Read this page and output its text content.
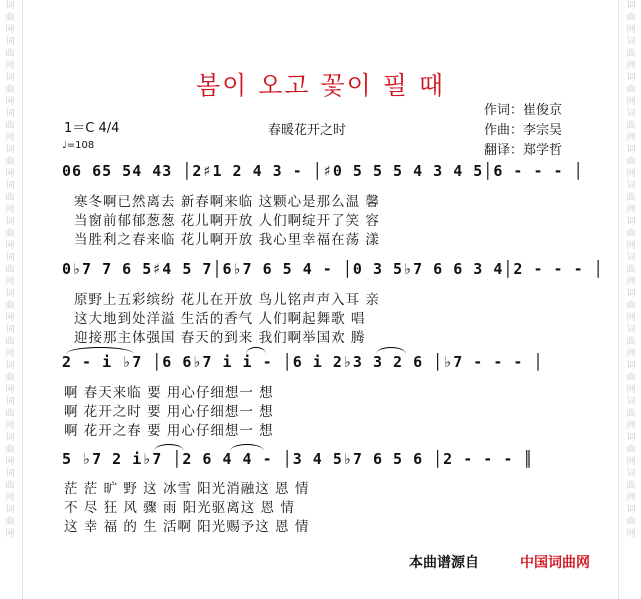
词
曲
网
词
曲
网
词
曲
网
词
曲
网
词
曲
网
词
曲
网
词
曲
网
词
曲
网
词
曲
网
词
曲
网
词
曲
网
词
曲
网
词
曲
网
词
曲
网
词
曲
网
词
曲
网
词
曲
网
词
曲
网
词
曲
网
词
曲
网
词
曲
网
词
曲
网
词
曲
网
词
曲
网
词
曲
网
词
曲
网
词
曲
网
词
曲
网
词
曲
网
词
曲
网
봄이 오고 꽃이 필 때
1＝C 4/4
♩=108
春暖花开之时
作词：崔俊京
作曲：李宗吴
翻译：郑学哲
06 65 54 43 │2♯1 2 4 3 - │♯0 5 5 5 4 3 4 5│6 - - - │
寒冬啊已然离去 新春啊来临 这颗心是那么温 馨
当窗前郁郁葱葱 花儿啊开放 人们啊绽开了笑 容
当胜利之春来临 花儿啊开放 我心里幸福在荡 漾
0♭7 7 6 5♯4 5 7│6♭7 6 5 4 - │0 3 5♭7 6 6 3 4│2 - - - │
原野上五彩缤纷 花儿在开放 鸟儿铭声声入耳 亲
这大地到处洋溢 生活的香气 人们啊起舞歌 唱
迎接那主体强国 春天的到来 我们啊举国欢 腾
2 - i ♭7 │6 6♭7 i i - │6 i 2♭3 3 2 6 │♭7 - - - │
啊 春天来临 要 用心仔细想一 想
啊 花开之时 要 用心仔细想一 想
啊 花开之春 要 用心仔细想一 想
5 ♭7 2 i♭7 │2 6 4 4 - │3 4 5♭7 6 5 6 │2 - - - ║
茫 茫 旷 野 这 冰雪 阳光消融这 恩 情
不 尽 狂 风 骤 雨 阳光驱离这 恩 情
这 幸 福 的 生 活啊 阳光赐予这 恩 情
本曲谱源自	中国词曲网
